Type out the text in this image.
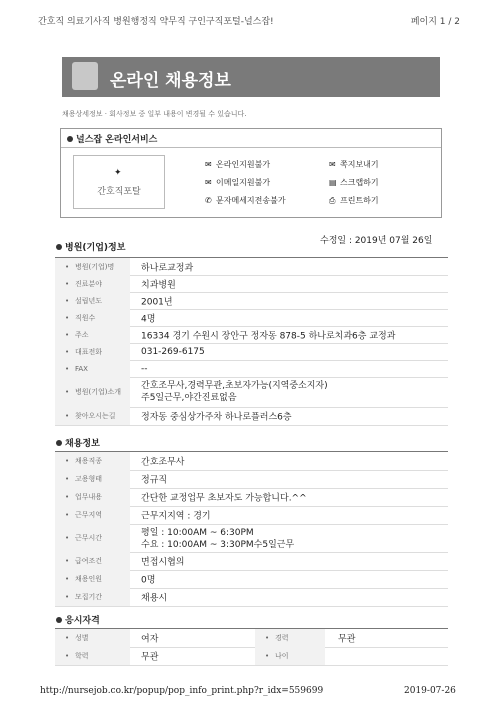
간호직 의료기사직 병원행정직 약무직 구인구직포털-널스잡!	페이지 1 / 2
온라인 채용정보
채용상세정보 · 회사정보 중 일부 내용이 변경될 수 있습니다.
널스잡 온라인서비스
✦
간호직포탈
✉ 온라인지원불가	✉ 쪽지보내기
✉ 이메일지원불가	▤ 스크랩하기
✆ 문자메세지전송불가	⎙ 프린트하기
병원(기업)정보
수정일 : 2019년 07월 26일
• 병원(기업)명	하나로교정과
• 진료분야	치과병원
• 설립년도	2001년
• 직원수	4명
• 주소	16334 경기 수원시 장안구 정자동 878-5 하나로치과6층 교정과
• 대표전화	031-269-6175
• FAX	--
• 병원(기업)소개
간호조무사,경력무관,초보자가능(지역중소지자)
주5일근무,야간진료없음
• 찾아오시는길	정자동 중심상가주차 하나로플러스6층
채용정보
• 채용직종	간호조무사
• 고용형태	정규직
• 업무내용	간단한 교정업무 초보자도 가능합니다.^^
• 근무지역	근무지지역 : 경기
• 근무시간	평일 : 10:00AM ~ 6:30PM
수요 : 10:00AM ~ 3:30PM수5일근무
• 급여조건	면접시협의
• 채용인원	0명
• 모집기간	채용시
응시자격
• 성별	여자	• 경력	무관
• 학력	무관	• 나이
http://nursejob.co.kr/popup/pop_info_print.php?r_idx=559699	2019-07-26
